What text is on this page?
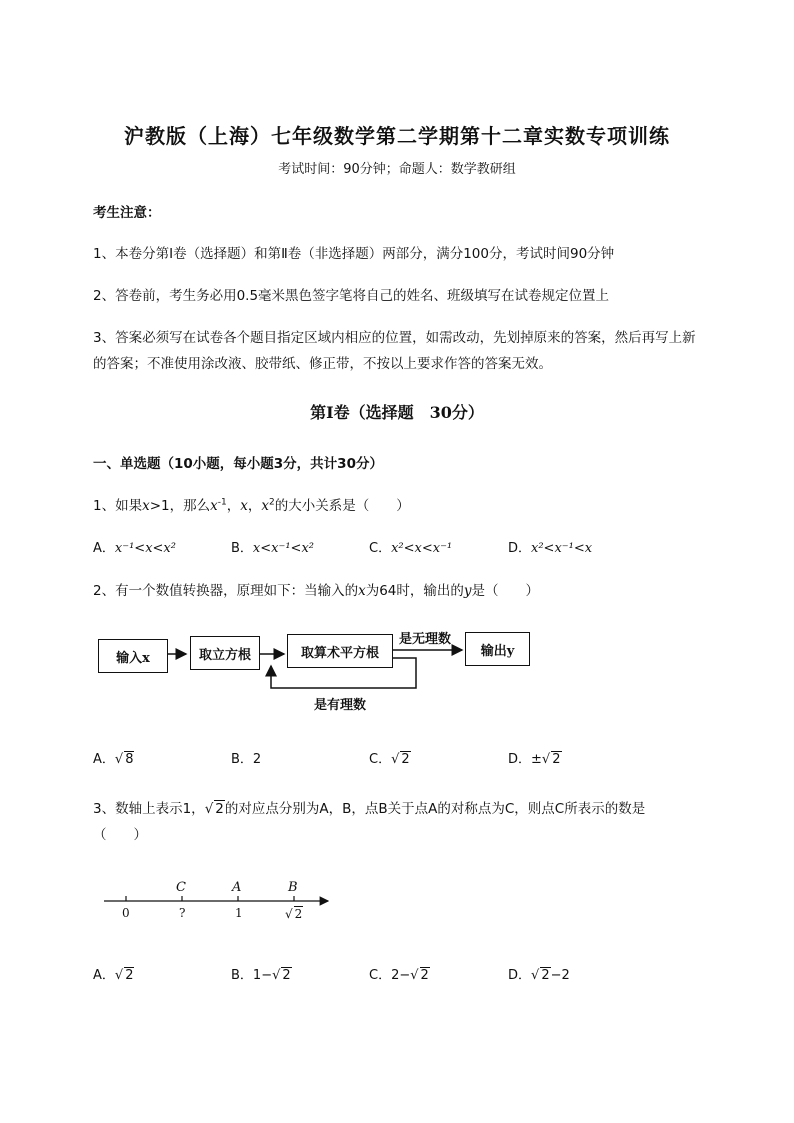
沪教版（上海）七年级数学第二学期第十二章实数专项训练
考试时间：90分钟；命题人：数学教研组
考生注意：
1、本卷分第Ⅰ卷（选择题）和第Ⅱ卷（非选择题）两部分，满分100分，考试时间90分钟
2、答卷前，考生务必用0.5毫米黑色签字笔将自己的姓名、班级填写在试卷规定位置上
3、答案必须写在试卷各个题目指定区域内相应的位置，如需改动，先划掉原来的答案，然后再写上新
的答案；不准使用涂改液、胶带纸、修正带，不按以上要求作答的答案无效。
第Ⅰ卷（选择题　30分）
一、单选题（10小题，每小题3分，共计30分）
1、如果x>1，那么$x^{-1}$，x，$x^2$的大小关系是（　　）
A．x⁻¹<x<x²	B．x<x⁻¹<x²	C．x²<x<x⁻¹	D．x²<x⁻¹<x
2、有一个数值转换器，原理如下：当输入的x为64时，输出的y是（　　）
输入x	取立方根	取算术平方根	输出y
是无理数
是有理数
A．√ 8	B．2	C．√ 2	D．±√ 2
3、数轴上表示1，√ 2的对应点分别为A，B，点B关于点A的对称点为C，则点C所表示的数是
（　　）
C	A	B
0	?	1	√ 2
A．√ 2	B．1−√ 2	C．2−√ 2	D．√ 2−2
